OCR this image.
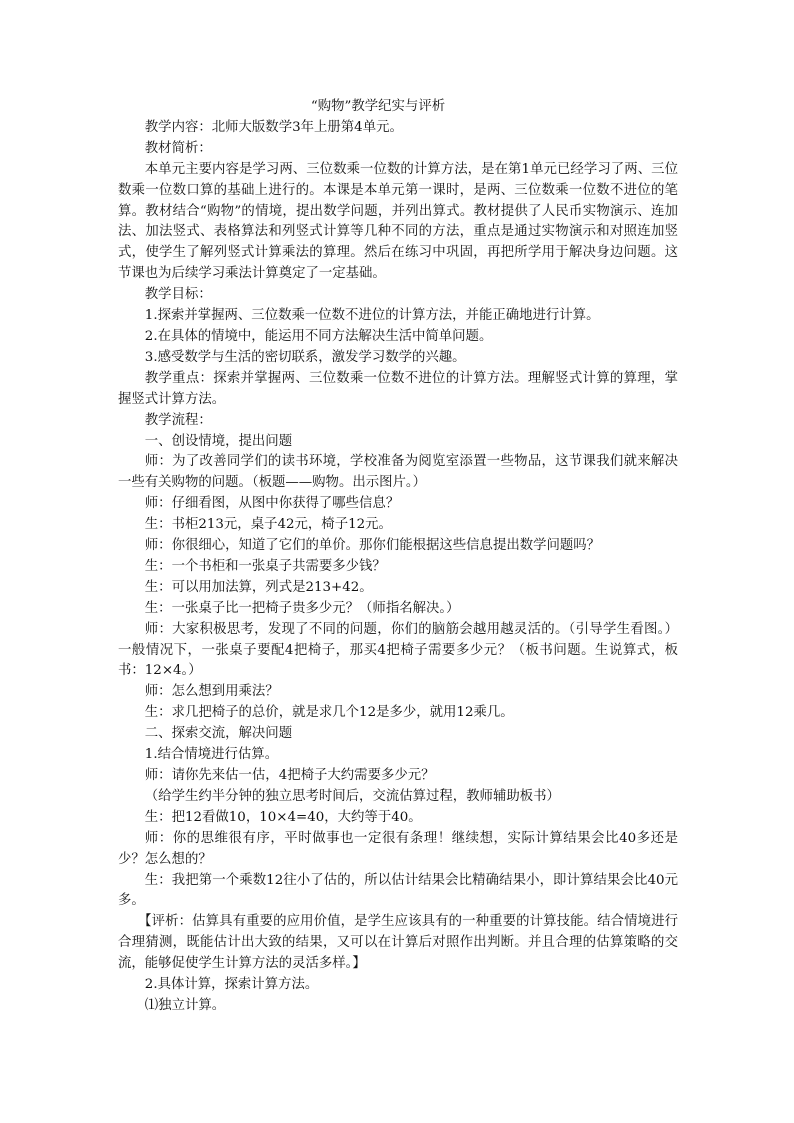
“购物”教学纪实与评析

教学内容：北师大版数学3年上册第4单元。

教材简析：

本单元主要内容是学习两、三位数乘一位数的计算方法，是在第1单元已经学习了两、三位数乘一位数口算的基础上进行的。本课是本单元第一课时，是两、三位数乘一位数不进位的笔算。教材结合“购物”的情境，提出数学问题，并列出算式。教材提供了人民币实物演示、连加法、加法竖式、表格算法和列竖式计算等几种不同的方法，重点是通过实物演示和对照连加竖式，使学生了解列竖式计算乘法的算理。然后在练习中巩固，再把所学用于解决身边问题。这节课也为后续学习乘法计算奠定了一定基础。

教学目标：

1.探索并掌握两、三位数乘一位数不进位的计算方法，并能正确地进行计算。

2.在具体的情境中，能运用不同方法解决生活中简单问题。

3.感受数学与生活的密切联系，激发学习数学的兴趣。

教学重点：探索并掌握两、三位数乘一位数不进位的计算方法。理解竖式计算的算理，掌握竖式计算方法。

教学流程：

一、创设情境，提出问题

师：为了改善同学们的读书环境，学校准备为阅览室添置一些物品，这节课我们就来解决一些有关购物的问题。（板题——购物。出示图片。）

师：仔细看图，从图中你获得了哪些信息？

生：书柜213元，桌子42元，椅子12元。

师：你很细心，知道了它们的单价。那你们能根据这些信息提出数学问题吗？

生：一个书柜和一张桌子共需要多少钱？

生：可以用加法算，列式是213+42。

生：一张桌子比一把椅子贵多少元？（师指名解决。）

师：大家积极思考，发现了不同的问题，你们的脑筋会越用越灵活的。（引导学生看图。）一般情况下，一张桌子要配4把椅子，那买4把椅子需要多少元？（板书问题。生说算式，板书：12×4。）

师：怎么想到用乘法？

生：求几把椅子的总价，就是求几个12是多少，就用12乘几。

二、探索交流，解决问题

1.结合情境进行估算。

师：请你先来估一估，4把椅子大约需要多少元？

（给学生约半分钟的独立思考时间后，交流估算过程，教师辅助板书）

生：把12看做10，10×4=40，大约等于40。

师：你的思维很有序，平时做事也一定很有条理！继续想，实际计算结果会比40多还是少？怎么想的？

生：我把第一个乘数12往小了估的，所以估计结果会比精确结果小，即计算结果会比40元多。

【评析：估算具有重要的应用价值，是学生应该具有的一种重要的计算技能。结合情境进行合理猜测，既能估计出大致的结果，又可以在计算后对照作出判断。并且合理的估算策略的交流，能够促使学生计算方法的灵活多样。】

2.具体计算，探索计算方法。

⑴独立计算。
